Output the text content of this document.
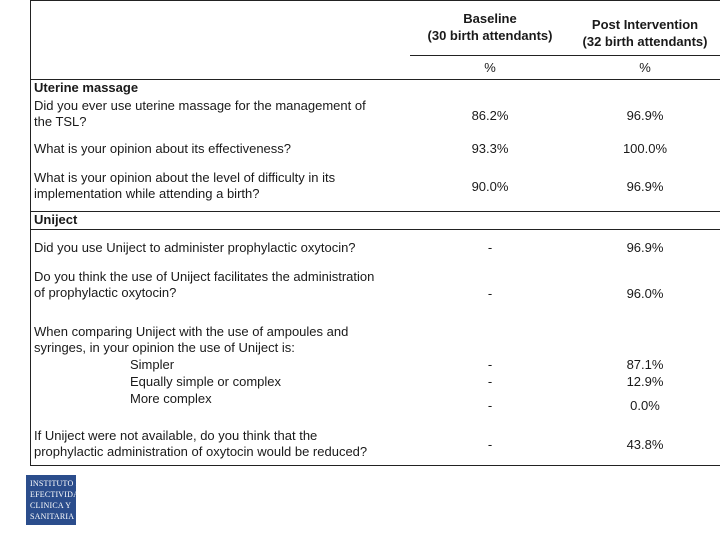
Baseline
(30 birth attendants)
Post Intervention
(32 birth attendants)
%	%
Uterine massage
Did you ever use uterine massage for the management of
the TSL?	86.2%	96.9%
What is your opinion about its effectiveness?	93.3%	100.0%
What is your opinion about the level of difficulty in its
implementation while attending a birth?	90.0%	96.9%
Uniject
Did you use Uniject to administer prophylactic oxytocin?	-	96.9%
Do you think the use of Uniject facilitates the administration
of prophylactic oxytocin?	-	96.0%
When comparing Uniject with the use of ampoules and
syringes, in your opinion the use of Uniject is:
Simpler	-	87.1%
Equally simple or complex	-	12.9%
More complex	-	0.0%
If Uniject were not available, do you think that the
prophylactic administration of oxytocin would be reduced?	-	43.8%
INSTITUTO DE
EFECTIVIDAD
CLINICA Y
SANITARIA
